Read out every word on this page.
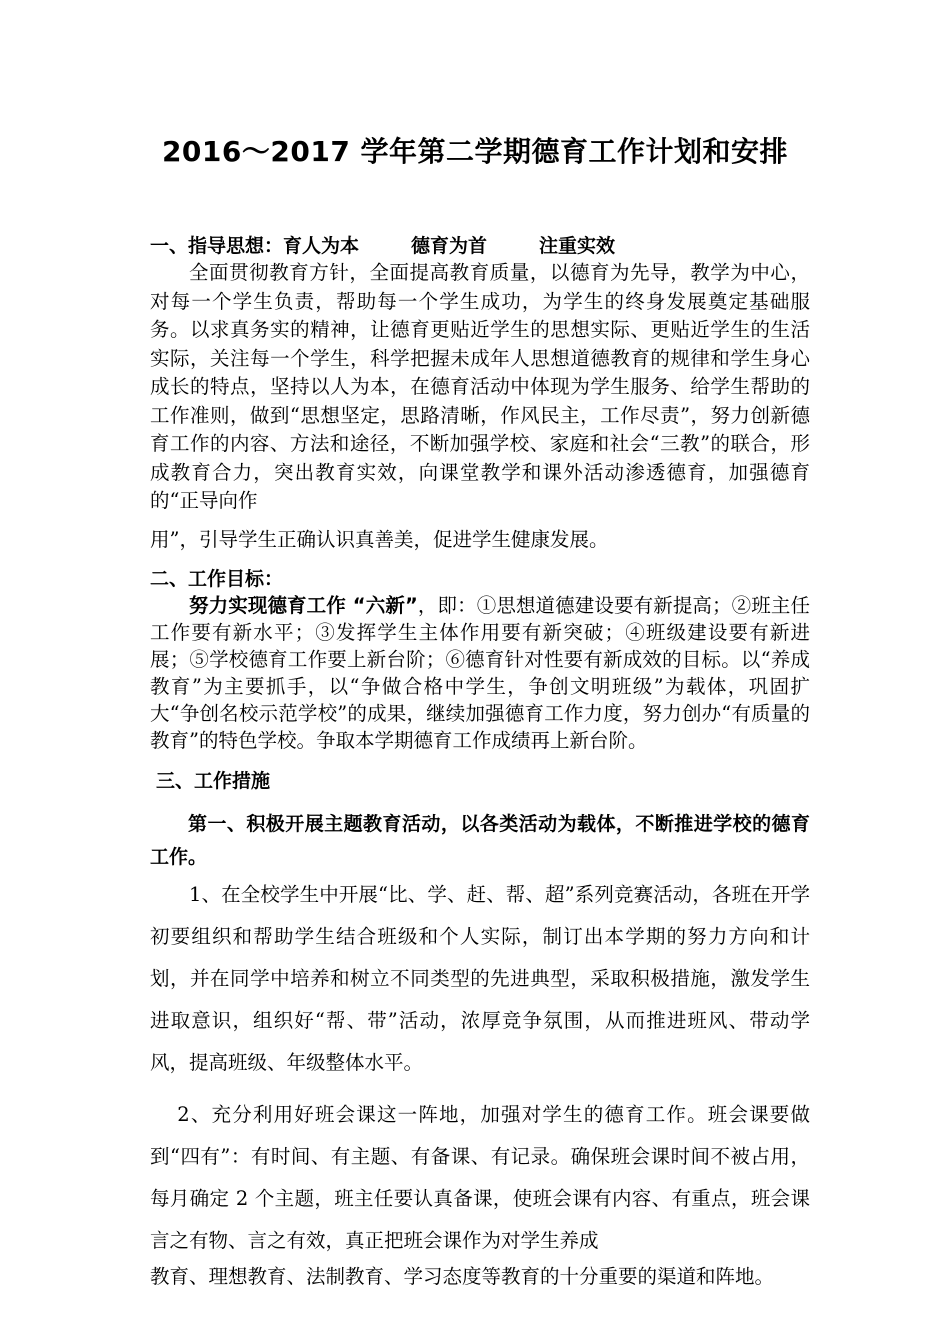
2016～2017 学年第二学期德育工作计划和安排
一、指导思想：育人为本	德育为首	注重实效

全面贯彻教育方针，全面提高教育质量，以德育为先导，教学为中心，对每一个学生负责，帮助每一个学生成功，为学生的终身发展奠定基础服务。以求真务实的精神，让德育更贴近学生的思想实际、更贴近学生的生活实际，关注每一个学生，科学把握未成年人思想道德教育的规律和学生身心成长的特点，坚持以人为本，在德育活动中体现为学生服务、给学生帮助的工作准则，做到“思想坚定，思路清晰，作风民主，工作尽责”，努力创新德育工作的内容、方法和途径，不断加强学校、家庭和社会“三教”的联合，形成教育合力，突出教育实效，向课堂教学和课外活动渗透德育，加强德育的“正导向作
用”，引导学生正确认识真善美，促进学生健康发展。

二、工作目标：

努力实现德育工作 “六新”，即：①思想道德建设要有新提高；②班主任工作要有新水平；③发挥学生主体作用要有新突破；④班级建设要有新进展；⑤学校德育工作要上新台阶；⑥德育针对性要有新成效的目标。以“养成教育”为主要抓手，以“争做合格中学生，争创文明班级”为载体，巩固扩大“争创名校示范学校”的成果，继续加强德育工作力度，努力创办“有质量的教育”的特色学校。争取本学期德育工作成绩再上新台阶。

三、工作措施

第一、积极开展主题教育活动，以各类活动为载体，不断推进学校的德育工作。

1、在全校学生中开展“比、学、赶、帮、超”系列竞赛活动，各班在开学初要组织和帮助学生结合班级和个人实际，制订出本学期的努力方向和计划，并在同学中培养和树立不同类型的先进典型，采取积极措施，激发学生进取意识，组织好“帮、带”活动，浓厚竞争氛围，从而推进班风、带动学风，提高班级、年级整体水平。

2、充分利用好班会课这一阵地，加强对学生的德育工作。班会课要做到“四有”：有时间、有主题、有备课、有记录。确保班会课时间不被占用，每月确定 2 个主题，班主任要认真备课，使班会课有内容、有重点，班会课言之有物、言之有效，真正把班会课作为对学生养成
教育、理想教育、法制教育、学习态度等教育的十分重要的渠道和阵地。
